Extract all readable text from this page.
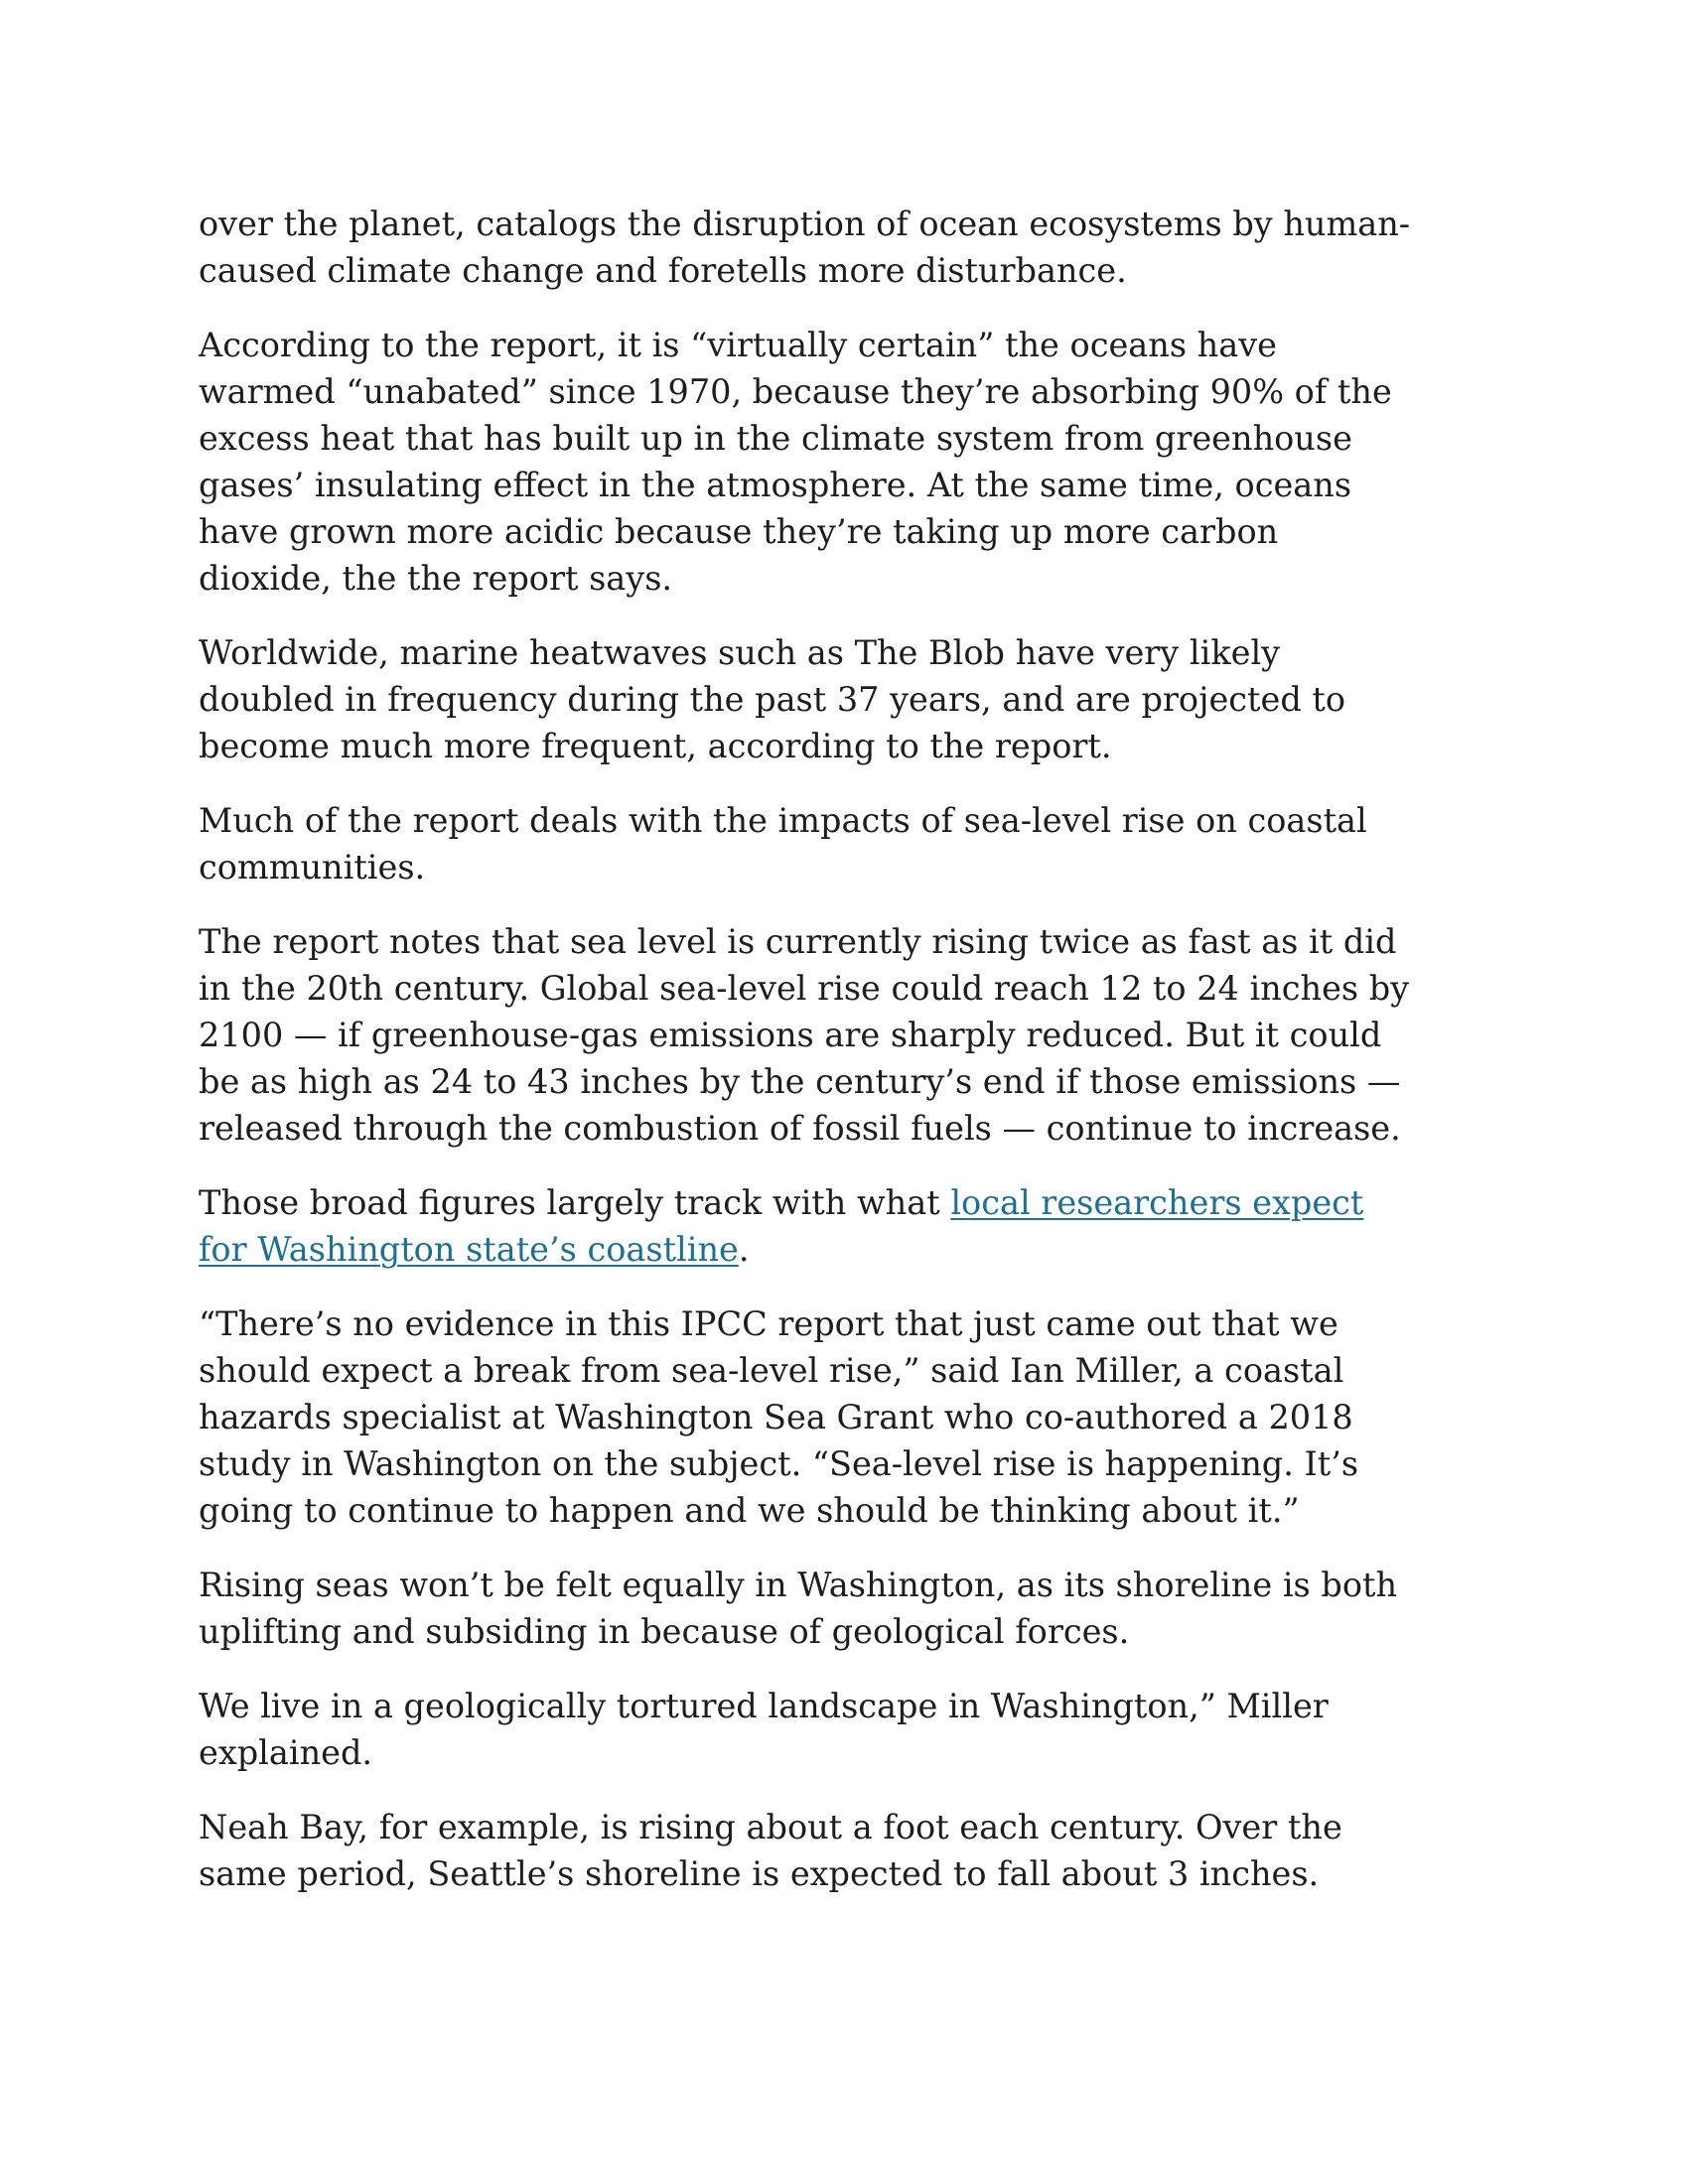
over the planet, catalogs the disruption of ocean ecosystems by human-caused climate change and foretells more disturbance.

According to the report, it is “virtually certain” the oceans have warmed “unabated” since 1970, because they’re absorbing 90% of the excess heat that has built up in the climate system from greenhouse gases’ insulating effect in the atmosphere. At the same time, oceans have grown more acidic because they’re taking up more carbon dioxide, the the report says.

Worldwide, marine heatwaves such as The Blob have very likely doubled in frequency during the past 37 years, and are projected to become much more frequent, according to the report.

Much of the report deals with the impacts of sea-level rise on coastal communities.

The report notes that sea level is currently rising twice as fast as it did in the 20th century. Global sea-level rise could reach 12 to 24 inches by 2100 — if greenhouse-gas emissions are sharply reduced. But it could be as high as 24 to 43 inches by the century’s end if those emissions — released through the combustion of fossil fuels — continue to increase.

Those broad figures largely track with what local researchers expect for Washington state’s coastline.

“There’s no evidence in this IPCC report that just came out that we should expect a break from sea-level rise,” said Ian Miller, a coastal hazards specialist at Washington Sea Grant who co-authored a 2018 study in Washington on the subject. “Sea-level rise is happening. It’s going to continue to happen and we should be thinking about it.”

Rising seas won’t be felt equally in Washington, as its shoreline is both uplifting and subsiding in because of geological forces.

We live in a geologically tortured landscape in Washington,” Miller explained.

Neah Bay, for example, is rising about a foot each century. Over the same period, Seattle’s shoreline is expected to fall about 3 inches.
